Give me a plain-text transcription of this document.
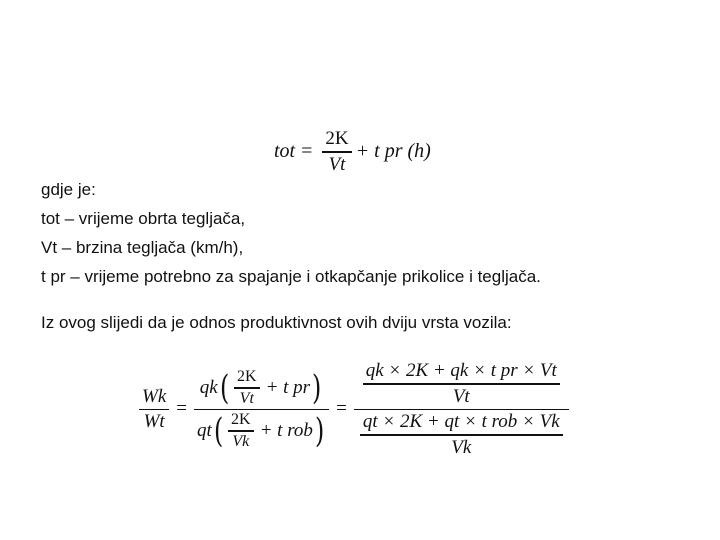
tot = $\frac{2K}{Vt} + t$ pr (h)
gdje je:
tot – vrijeme obrta tegljača,
Vt – brzina tegljača (km/h),
t pr – vrijeme potrebno za spajanje i otkapčanje prikolice i tegljača.
Iz ovog slijedi da je odnos produktivnost ovih dviju vrsta vozila:
$\frac{Wk}{Wt}$ =
qk ( $\frac{2K}{Vt} + t$ pr )
qt ( $\frac{2K}{Vk} + t$ rob )
= $\frac{\frac{\text{qk × 2K + qk × t pr × Vt}}{Vt}}{\frac{\text{qt × 2K + qt × t rob × Vk}}{Vk}}$
